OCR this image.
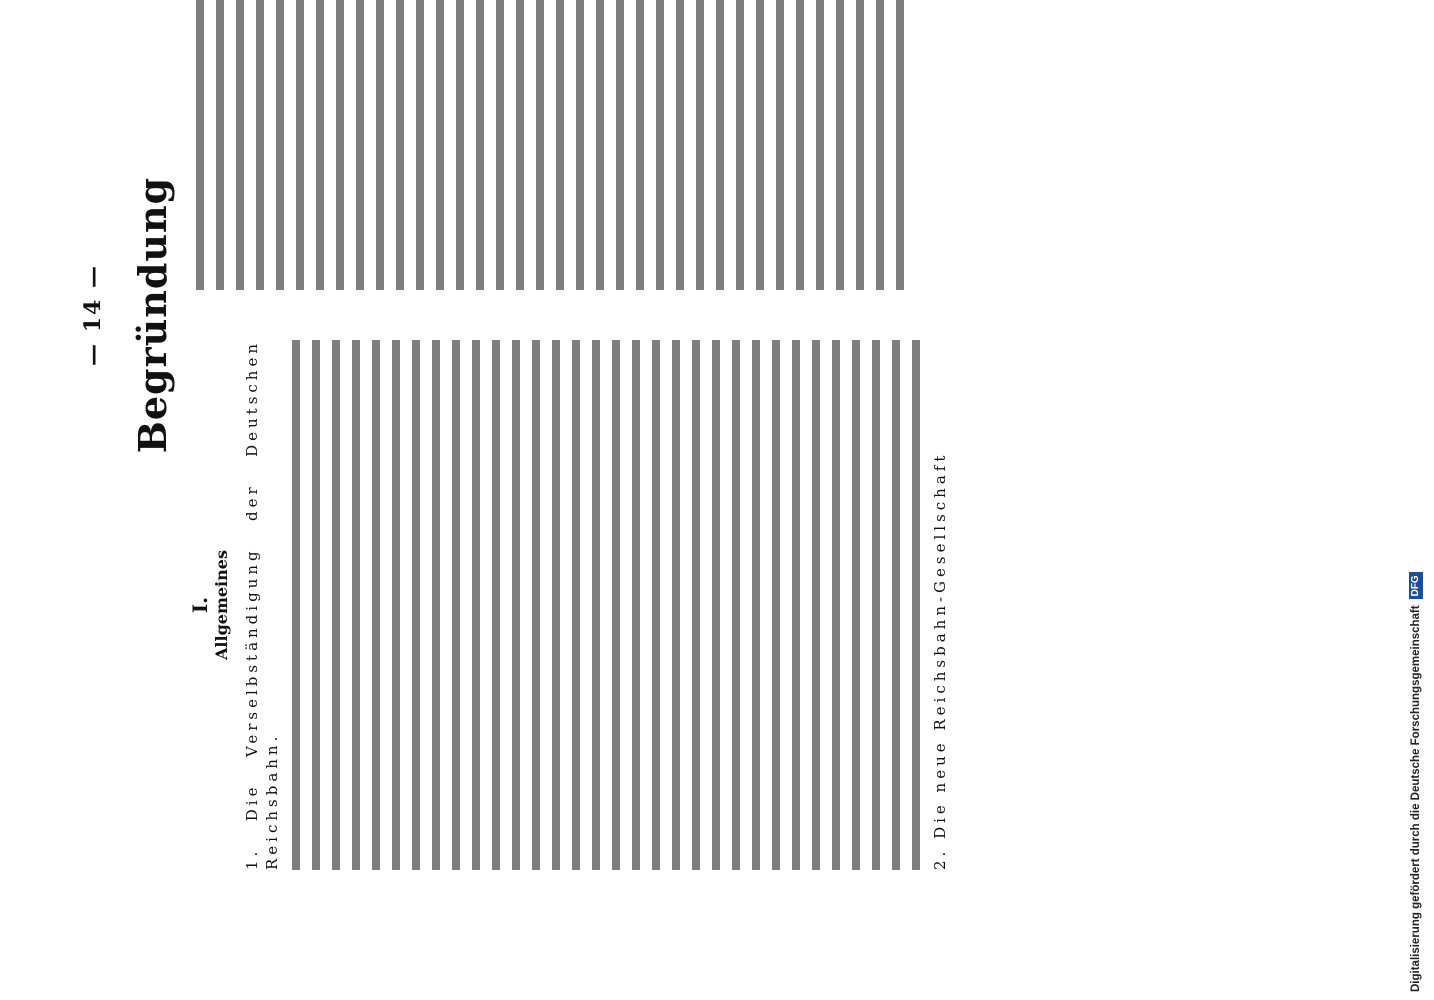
— 14 — Begründung
I. Allgemeines 1. Die Verselbständigung der Deutschen Reichsbahn.	2. Die neue Reichsbahn-Gesellschaft	Digitalisierung gefördert durch die Deutsche Forschungsgemeinschaft
DFG
